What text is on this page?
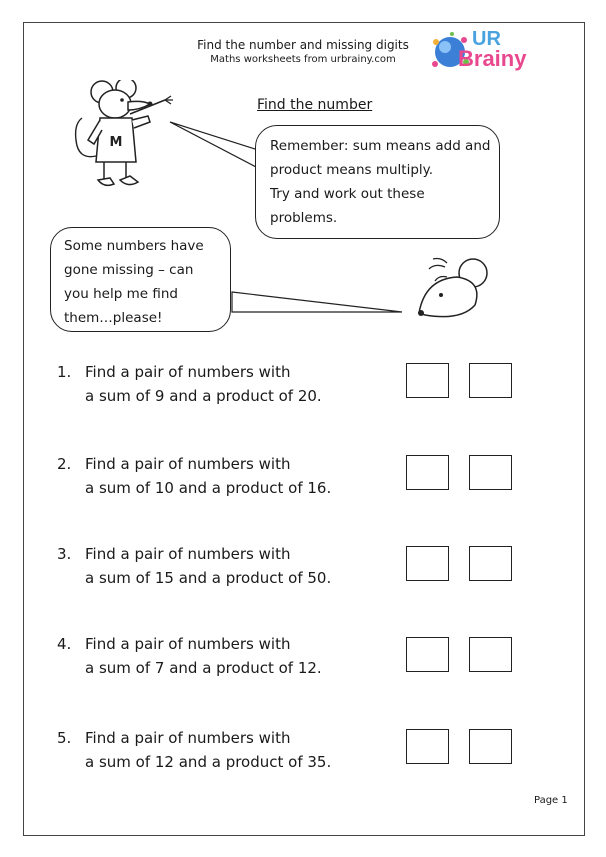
Find the number and missing digits
Maths worksheets from urbrainy.com
UR
Brainy
M
Find the number
Remember: sum means add and
product means multiply.
Try and work out these
problems.
Some numbers have
gone missing – can
you help me find
them…please!
1. Find a pair of numbers with
a sum of 9 and a product of 20.
2. Find a pair of numbers with
a sum of 10 and a product of 16.
3. Find a pair of numbers with
a sum of 15 and a product of 50.
4. Find a pair of numbers with
a sum of 7 and a product of 12.
5. Find a pair of numbers with
a sum of 12 and a product of 35.
Page 1
